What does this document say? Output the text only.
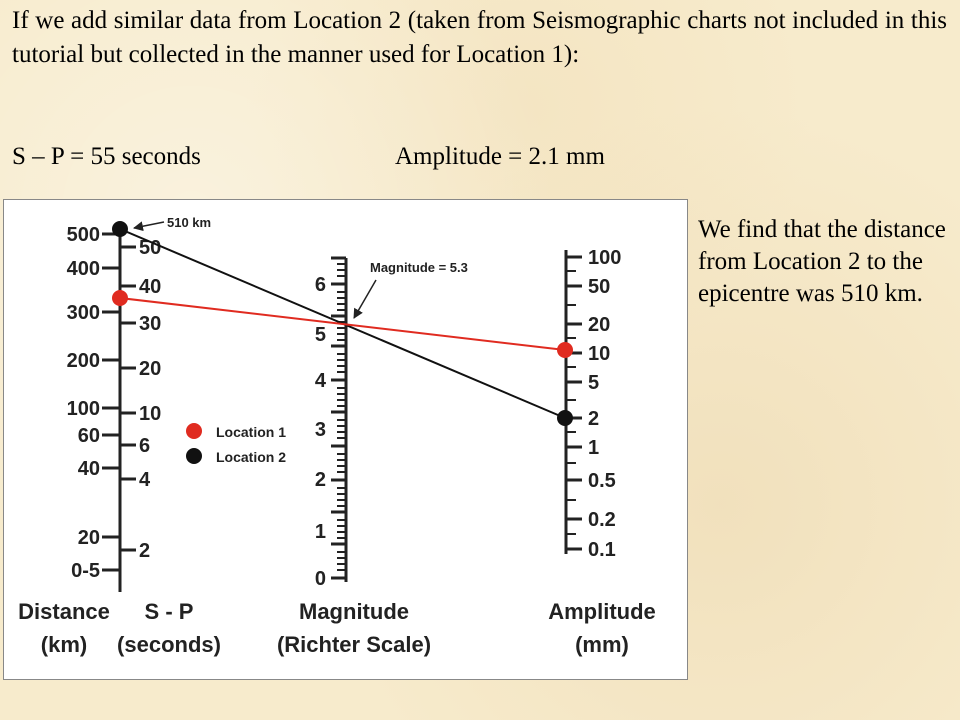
If we add similar data from Location 2 (taken from Seismographic charts not included in this tutorial but collected in the manner used for Location 1):

S – P = 55 seconds	Amplitude = 2.1 mm

We find that the distance from Location 2 to the epicentre was 510 km.

500
400
300
200
100
60
40
20
0-5
50
40
30
20
10
6
4
2
6
5
4
3
2
1
0
100
50
20
10
5
2
1
0.5
0.2
0.1
510 km
Magnitude = 5.3
Location 1
Location 2
Distance
(km)
S - P
(seconds)
Magnitude
(Richter Scale)
Amplitude
(mm)
